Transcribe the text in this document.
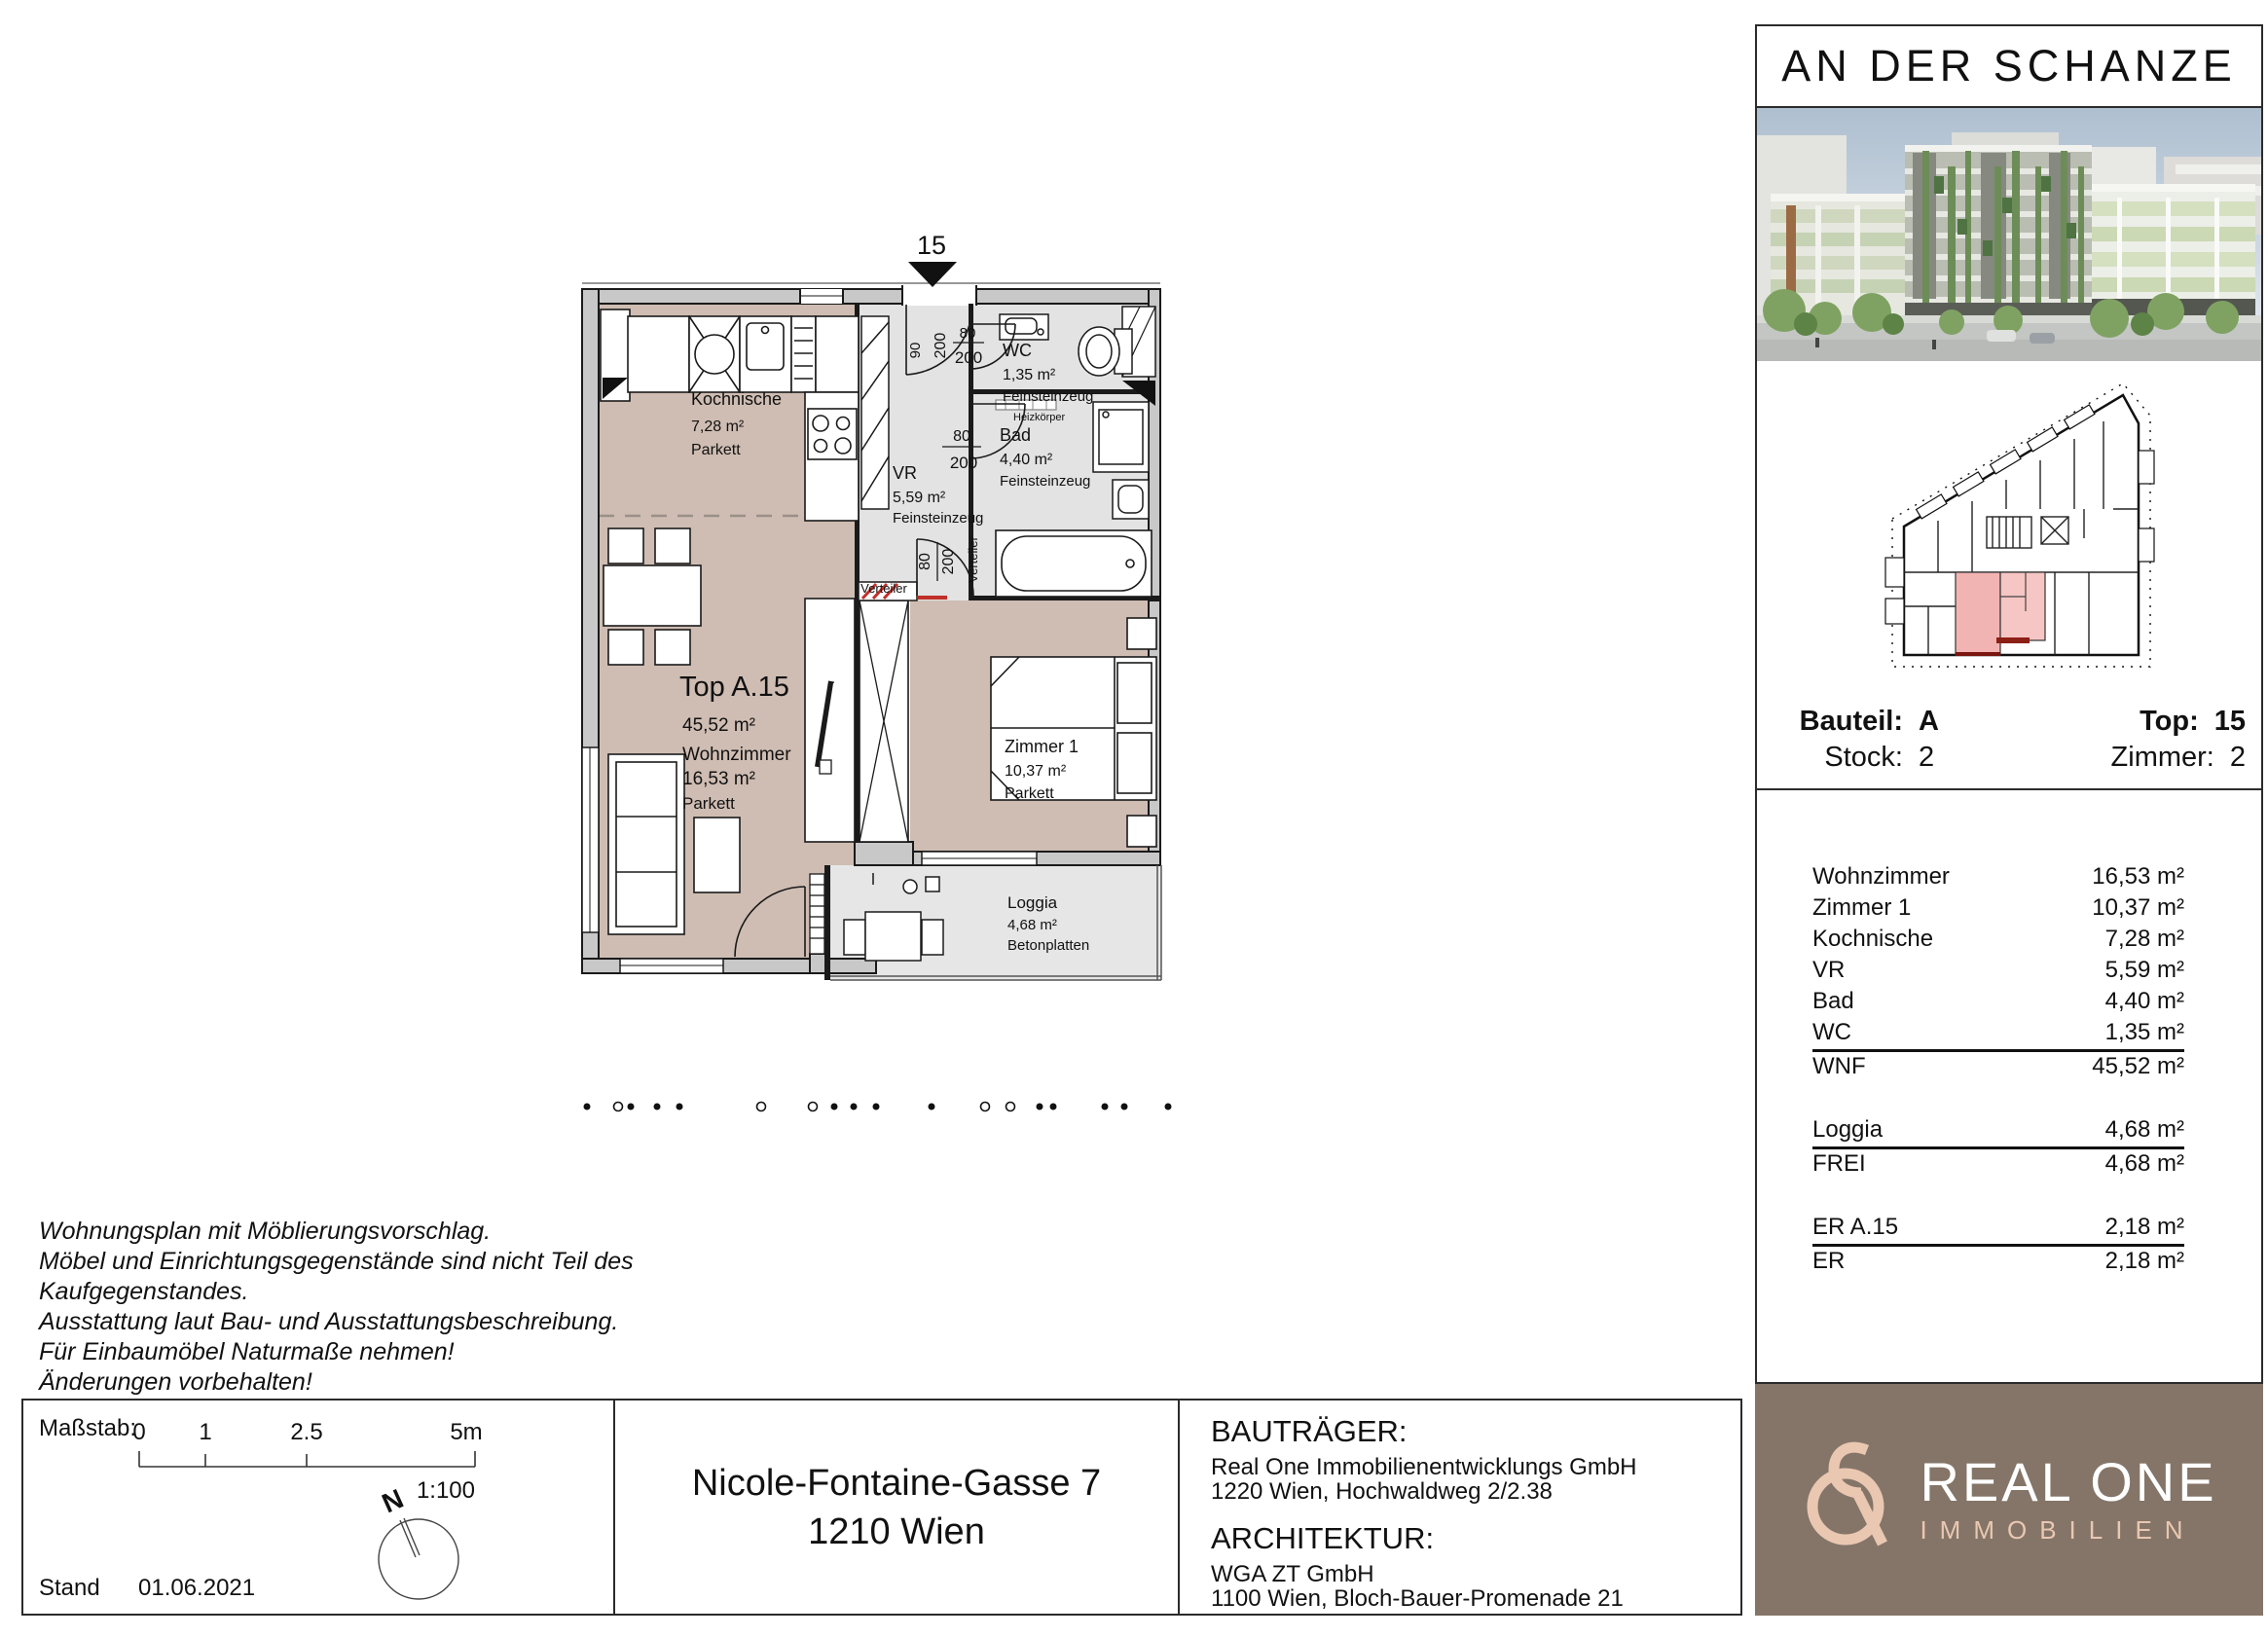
15
90 200 80
200
80
200
80 200 Verteiler
Verteiler
Kochnische
7,28 m²
Parkett
Top A.15
45,52 m²
Wohnzimmer
16,53 m²
Parkett
Zimmer 1
10,37 m²
Parkett
WC
1,35 m²
Feinsteinzeug
Heizkörper
Bad
4,40 m²
Feinsteinzeug
VR
5,59 m²
Feinsteinzeug
Loggia
4,68 m²
Betonplatten
Wohnungsplan mit Möblierungsvorschlag.
Möbel und Einrichtungsgegenstände sind nicht Teil des
Kaufgegenstandes.
Ausstattung laut Bau- und Ausstattungsbeschreibung.
Für Einbaumöbel Naturmaße nehmen!
Änderungen vorbehalten!
Maßstab:
0 1	2.5	5m
1:100
N
Stand 01.06.2021
Nicole-Fontaine-Gasse 7
1210 Wien
BAUTRÄGER:
Real One Immobilienentwicklungs GmbH
1220 Wien, Hochwaldweg 2/2.38
ARCHITEKTUR:
WGA ZT GmbH
1100 Wien, Bloch-Bauer-Promenade 21
AN DER SCHANZE
Bauteil: A	Top: 15
Stock: 2	Zimmer: 2
Wohnzimmer	16,53 m²
Zimmer 1	10,37 m²
Kochnische	7,28 m²
VR	5,59 m²
Bad	4,40 m²
WC	1,35 m²
WNF	45,52 m²
Loggia	4,68 m²
FREI	4,68 m²
ER A.15	2,18 m²
ER	2,18 m²
REAL ONE
IMMOBILIEN
